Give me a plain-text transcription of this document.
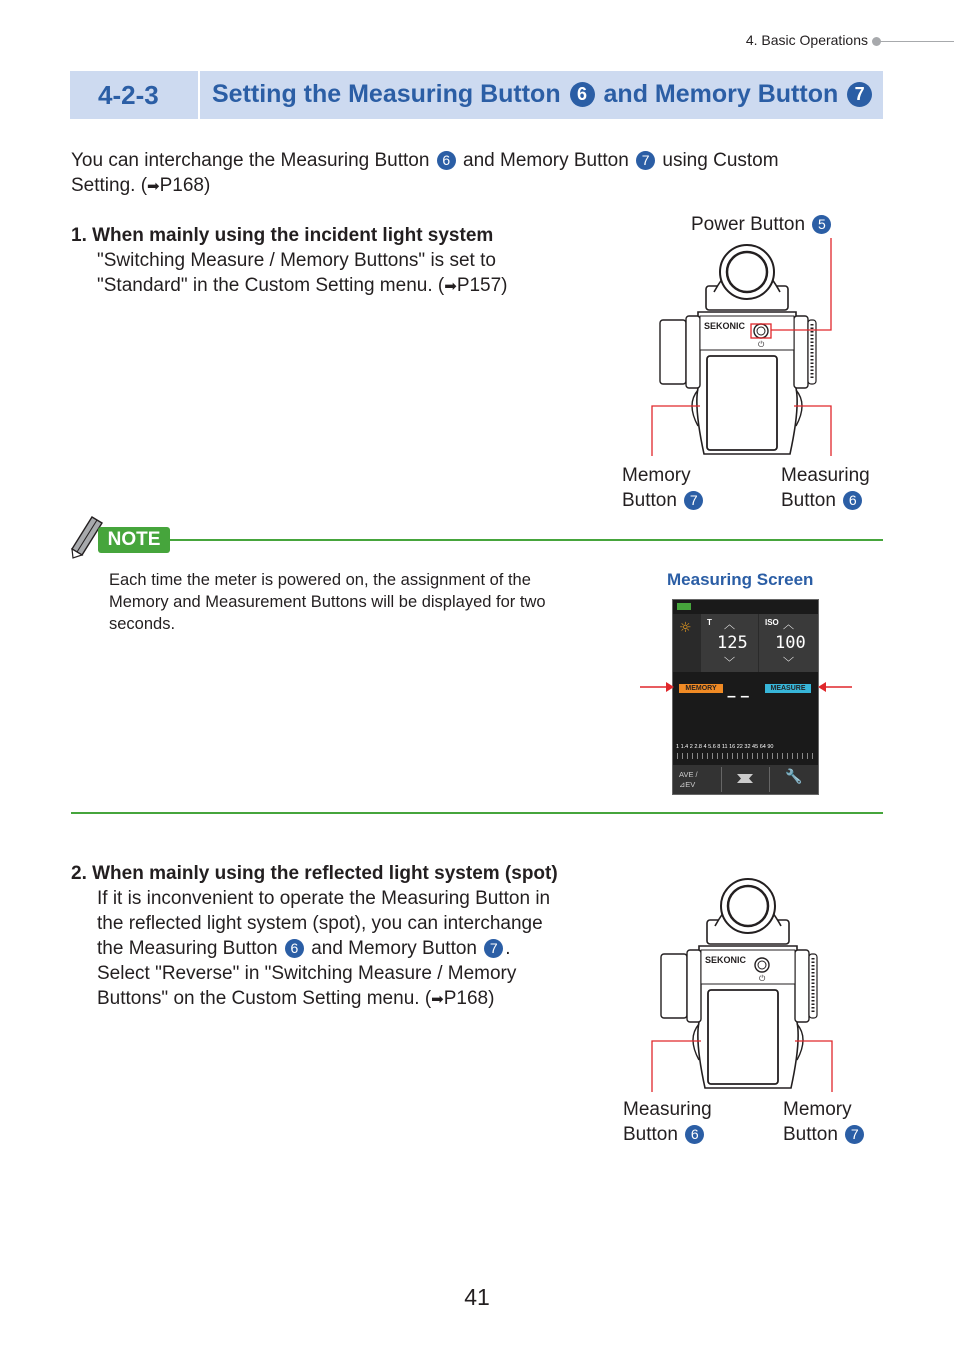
4. Basic Operations
4-2-3 Setting the Measuring Button 6 and Memory Button 7
You can interchange the Measuring Button 6 and Memory Button 7 using Custom
Setting. (➡P168)
1. When mainly using the incident light system
"Switching Measure / Memory Buttons" is set to
"Standard" in the Custom Setting menu. (➡P157)
Power Button 5
SEKONIC
⏻
Memory
Button 7
Measuring
Button 6
NOTE
Each time the meter is powered on, the assignment of the
Memory and Measurement Buttons will be displayed for two
seconds.
Measuring Screen
☼ T ︿
125
﹀
ISO ︿
100
﹀
MEMORY	MEASURE
– –
1 1.4 2 2.8 4 5.6 8 11 16 22 32 45 64 90
AVE / ⊿EV	🔧
2. When mainly using the reflected light system (spot)
If it is inconvenient to operate the Measuring Button in
the reflected light system (spot), you can interchange
the Measuring Button 6 and Memory Button 7 .
Select "Reverse" in "Switching Measure / Memory
Buttons" on the Custom Setting menu. (➡P168)
SEKONIC
⏻
Measuring
Button 6
Memory
Button 7
41
